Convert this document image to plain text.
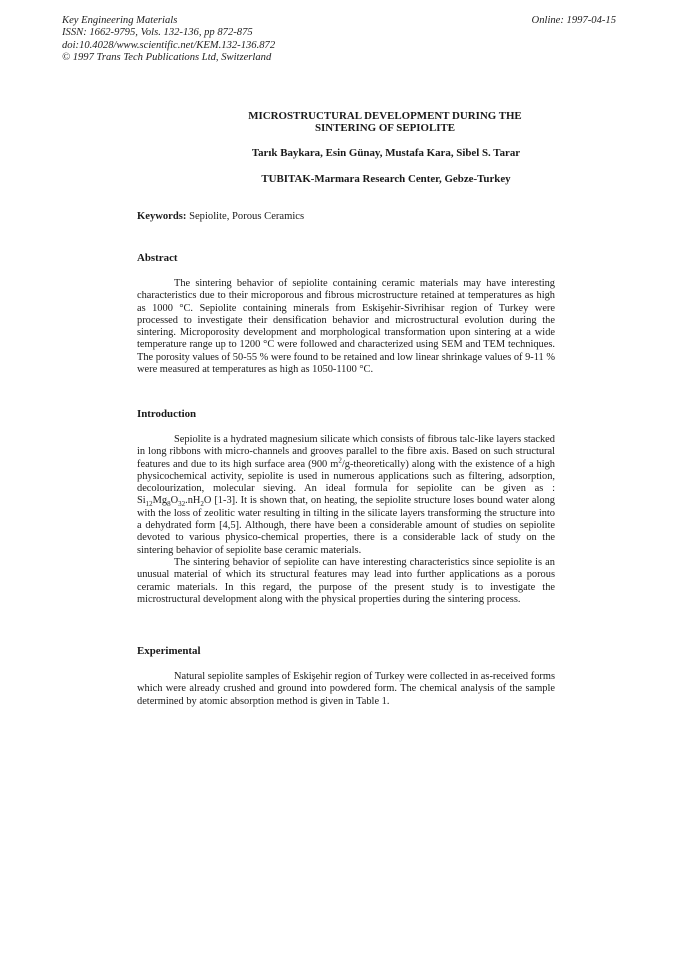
Key Engineering Materials
ISSN: 1662-9795, Vols. 132-136, pp 872-875
doi:10.4028/www.scientific.net/KEM.132-136.872
© 1997 Trans Tech Publications Ltd, Switzerland
Online: 1997-04-15
MICROSTRUCTURAL DEVELOPMENT DURING THE
SINTERING OF SEPIOLITE
Tarık Baykara, Esin Günay, Mustafa Kara, Sibel S. Tarar
TUBITAK-Marmara Research Center, Gebze-Turkey
Keywords: Sepiolite, Porous Ceramics
Abstract

The sintering behavior of sepiolite containing ceramic materials may have interesting characteristics due to their microporous and fibrous microstructure retained at temperatures as high as 1000 °C. Sepiolite containing minerals from Eskişehir-Sivrihisar region of Turkey were processed to investigate their densification behavior and microstructural evolution during the sintering. Microporosity development and morphological transformation upon sintering at a wide temperature range up to 1200 °C were followed and characterized using SEM and TEM techniques. The porosity values of 50-55 % were found to be retained and low linear shrinkage values of 9-11 % were measured at temperatures as high as 1050-1100 °C.

Introduction

Sepiolite is a hydrated magnesium silicate which consists of fibrous talc-like layers stacked in long ribbons with micro-channels and grooves parallel to the fibre axis. Based on such structural features and due to its high surface area (900 $m^2/g-theoretically$) along with the existence of a high physicochemical activity, sepiolite is used in numerous applications such as filtering, adsorption, decolourization, molecular sieving. An ideal formula for sepiolite can be given as : $Si_{12}Mg_8O_{32}.nH_2O$ [1-3]. It is shown that, on heating, the sepiolite structure loses bound water along with the loss of zeolitic water resulting in tilting in the silicate layers transforming the structure into a dehydrated form [4,5]. Although, there have been a considerable amount of studies on sepiolite devoted to various physico-chemical properties, there is a considerable lack of study on the sintering behavior of sepiolite base ceramic materials.

The sintering behavior of sepiolite can have interesting characteristics since sepiolite is an unusual material of which its structural features may lead into further applications as a porous ceramic materials. In this regard, the purpose of the present study is to investigate the microstructural development along with the physical properties during the sintering process.

Experimental

Natural sepiolite samples of Eskişehir region of Turkey were collected in as-received forms which were already crushed and ground into powdered form. The chemical analysis of the sample determined by atomic absorption method is given in Table 1.
